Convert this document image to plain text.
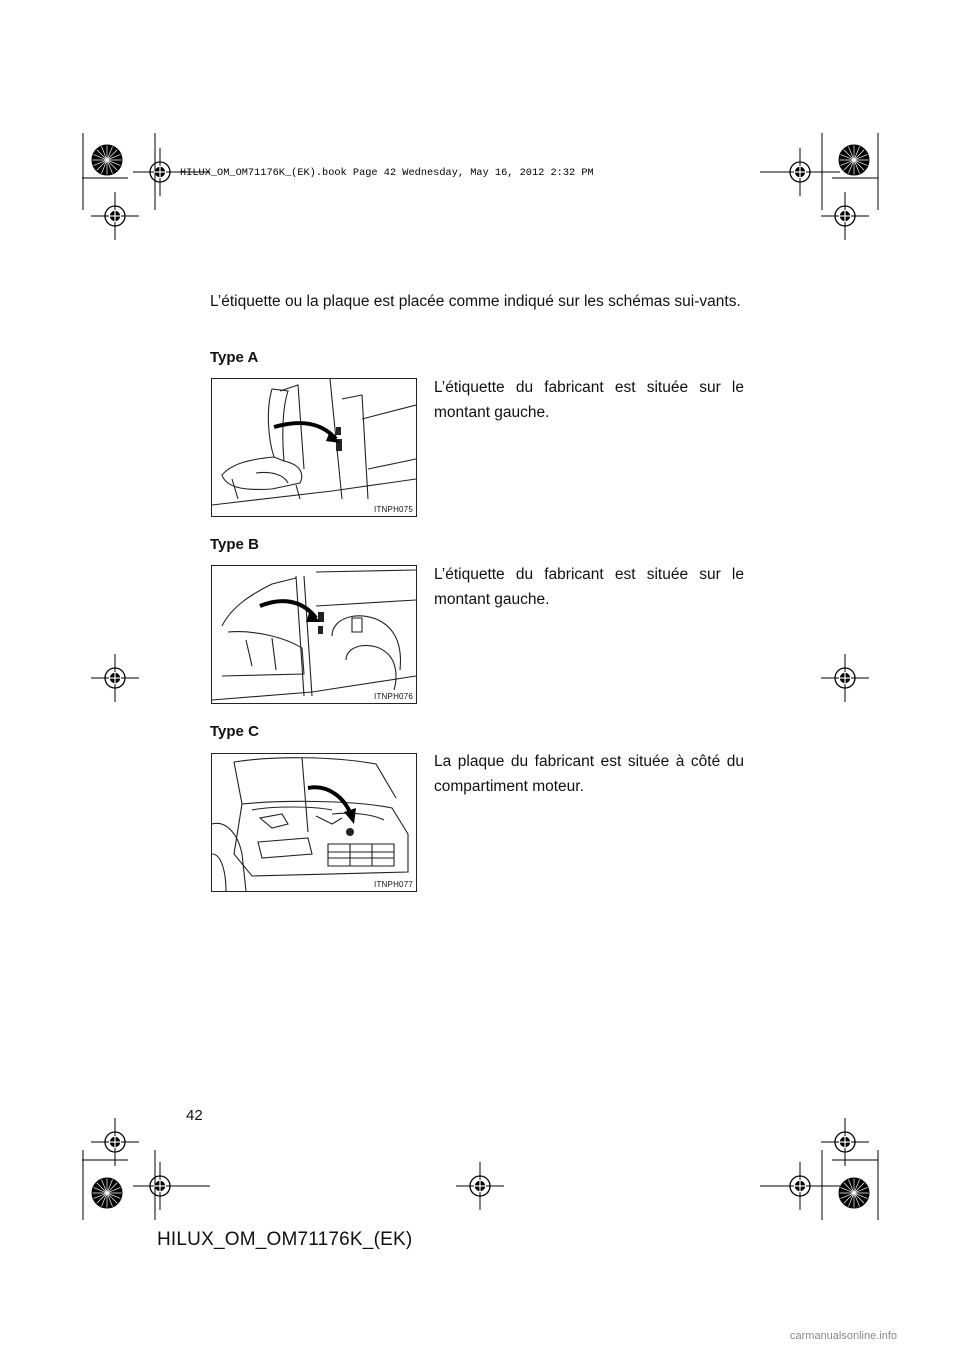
HILUX_OM_OM71176K_(EK).book Page 42 Wednesday, May 16, 2012 2:32 PM

L’étiquette ou la plaque est placée comme indiqué sur les schémas sui-vants.

Type A
ITNPH075

L’étiquette du fabricant est située sur le montant gauche.

Type B
ITNPH076

L’étiquette du fabricant est située sur le montant gauche.

Type C
ITNPH077

La plaque du fabricant est située à côté du compartiment moteur.

42
HILUX_OM_OM71176K_(EK)
carmanualsonline.info
